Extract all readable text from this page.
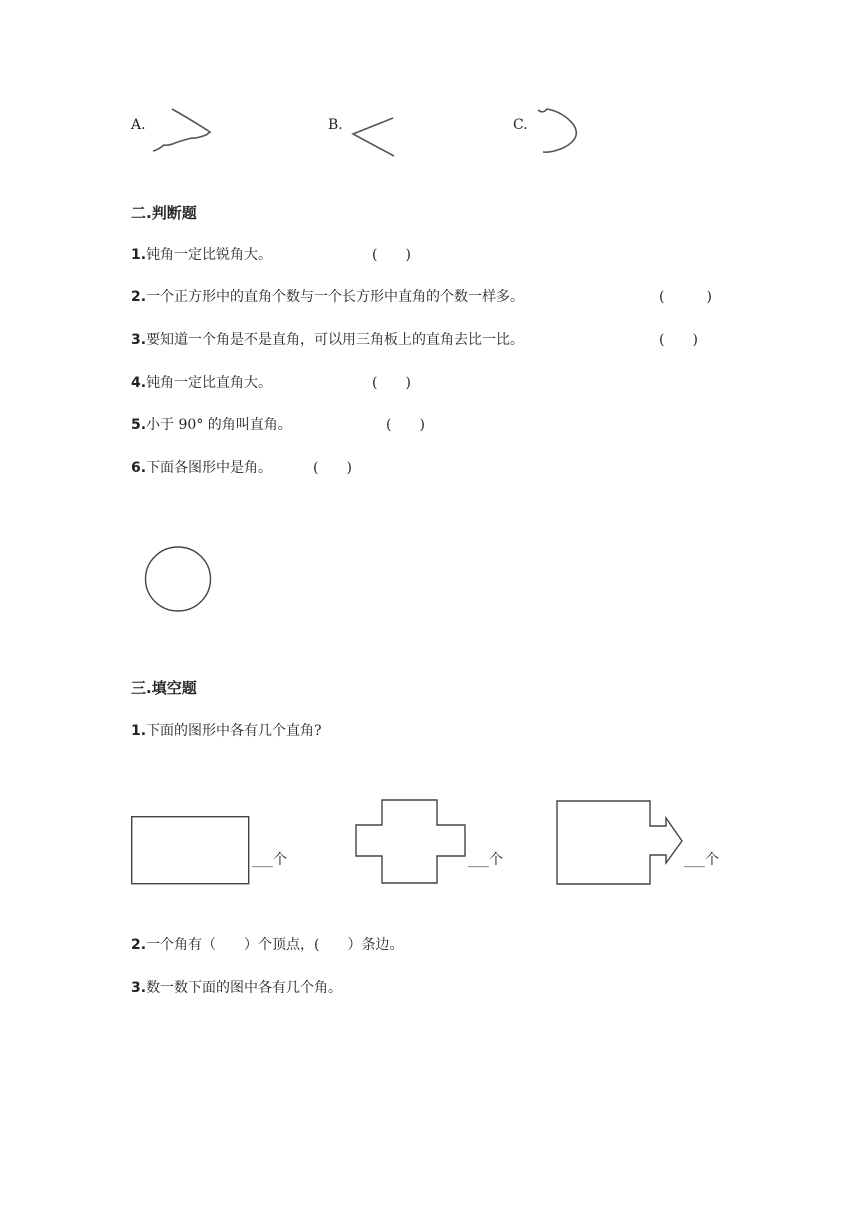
A.	B.	C.
二.判断题
1.钝角一定比锐角大。	(　　)
2.一个正方形中的直角个数与一个长方形中直角的个数一样多。	(　　　)
3.要知道一个角是不是直角，可以用三角板上的直角去比一比。	(　　)
4.钝角一定比直角大。	(　　)
5.小于 90° 的角叫直角。	(　　)
6.下面各图形中是角。	(　　)
三.填空题
1.下面的图形中各有几个直角?
___个	___个	___个
2.一个角有（　　）个顶点，(　　）条边。
3.数一数下面的图中各有几个角。
